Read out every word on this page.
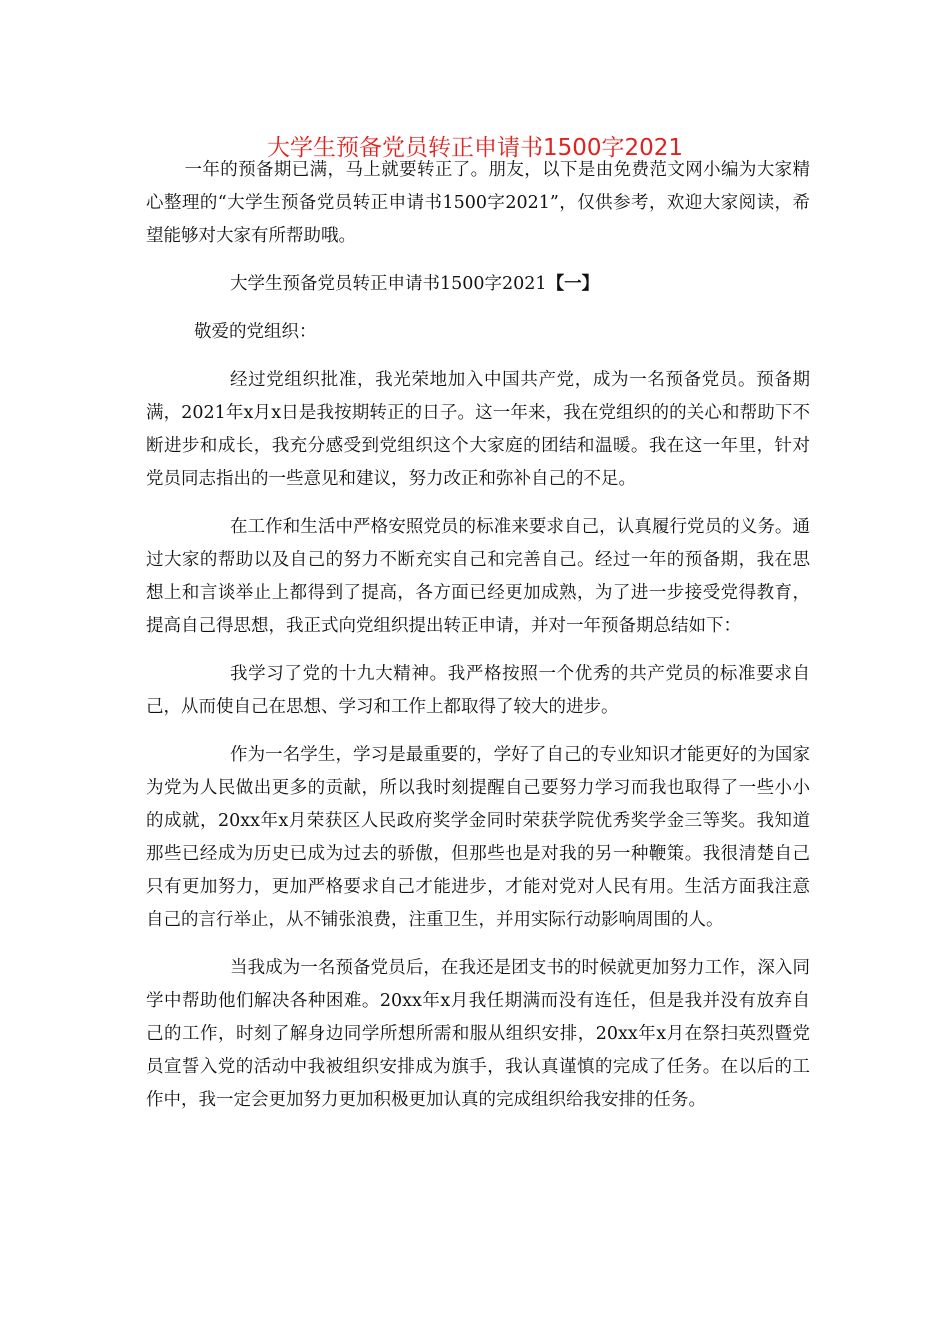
大学生预备党员转正申请书1500字2021

一年的预备期已满，马上就要转正了。朋友，以下是由免费范文网小编为大家精心整理的“大学生预备党员转正申请书1500字2021”，仅供参考，欢迎大家阅读，希望能够对大家有所帮助哦。

大学生预备党员转正申请书1500字2021【一】

敬爱的党组织：

经过党组织批准，我光荣地加入中国共产党，成为一名预备党员。预备期满，2021年x月x日是我按期转正的日子。这一年来，我在党组织的的关心和帮助下不断进步和成长，我充分感受到党组织这个大家庭的团结和温暖。我在这一年里，针对党员同志指出的一些意见和建议，努力改正和弥补自己的不足。

在工作和生活中严格安照党员的标准来要求自己，认真履行党员的义务。通过大家的帮助以及自己的努力不断充实自己和完善自己。经过一年的预备期，我在思想上和言谈举止上都得到了提高，各方面已经更加成熟，为了进一步接受党得教育，提高自己得思想，我正式向党组织提出转正申请，并对一年预备期总结如下：

我学习了党的十九大精神。我严格按照一个优秀的共产党员的标准要求自己，从而使自己在思想、学习和工作上都取得了较大的进步。

作为一名学生，学习是最重要的，学好了自己的专业知识才能更好的为国家为党为人民做出更多的贡献，所以我时刻提醒自己要努力学习而我也取得了一些小小的成就，20xx年x月荣获区人民政府奖学金同时荣获学院优秀奖学金三等奖。我知道那些已经成为历史已成为过去的骄傲，但那些也是对我的另一种鞭策。我很清楚自己只有更加努力，更加严格要求自己才能进步，才能对党对人民有用。生活方面我注意自己的言行举止，从不铺张浪费，注重卫生，并用实际行动影响周围的人。

当我成为一名预备党员后，在我还是团支书的时候就更加努力工作，深入同学中帮助他们解决各种困难。20xx年x月我任期满而没有连任，但是我并没有放弃自己的工作，时刻了解身边同学所想所需和服从组织安排，20xx年x月在祭扫英烈暨党员宣誓入党的活动中我被组织安排成为旗手，我认真谨慎的完成了任务。在以后的工作中，我一定会更加努力更加积极更加认真的完成组织给我安排的任务。
